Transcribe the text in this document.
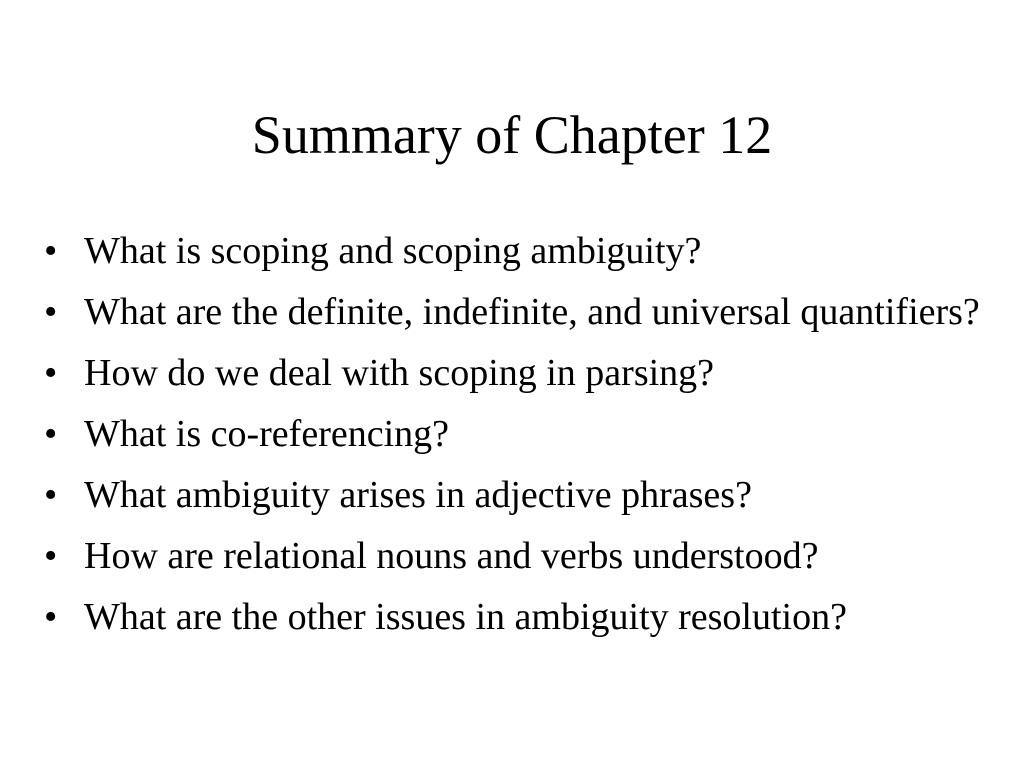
Summary of Chapter 12
• What is scoping and scoping ambiguity?
• What are the definite, indefinite, and universal quantifiers?
• How do we deal with scoping in parsing?
• What is co-referencing?
• What ambiguity arises in adjective phrases?
• How are relational nouns and verbs understood?
• What are the other issues in ambiguity resolution?
